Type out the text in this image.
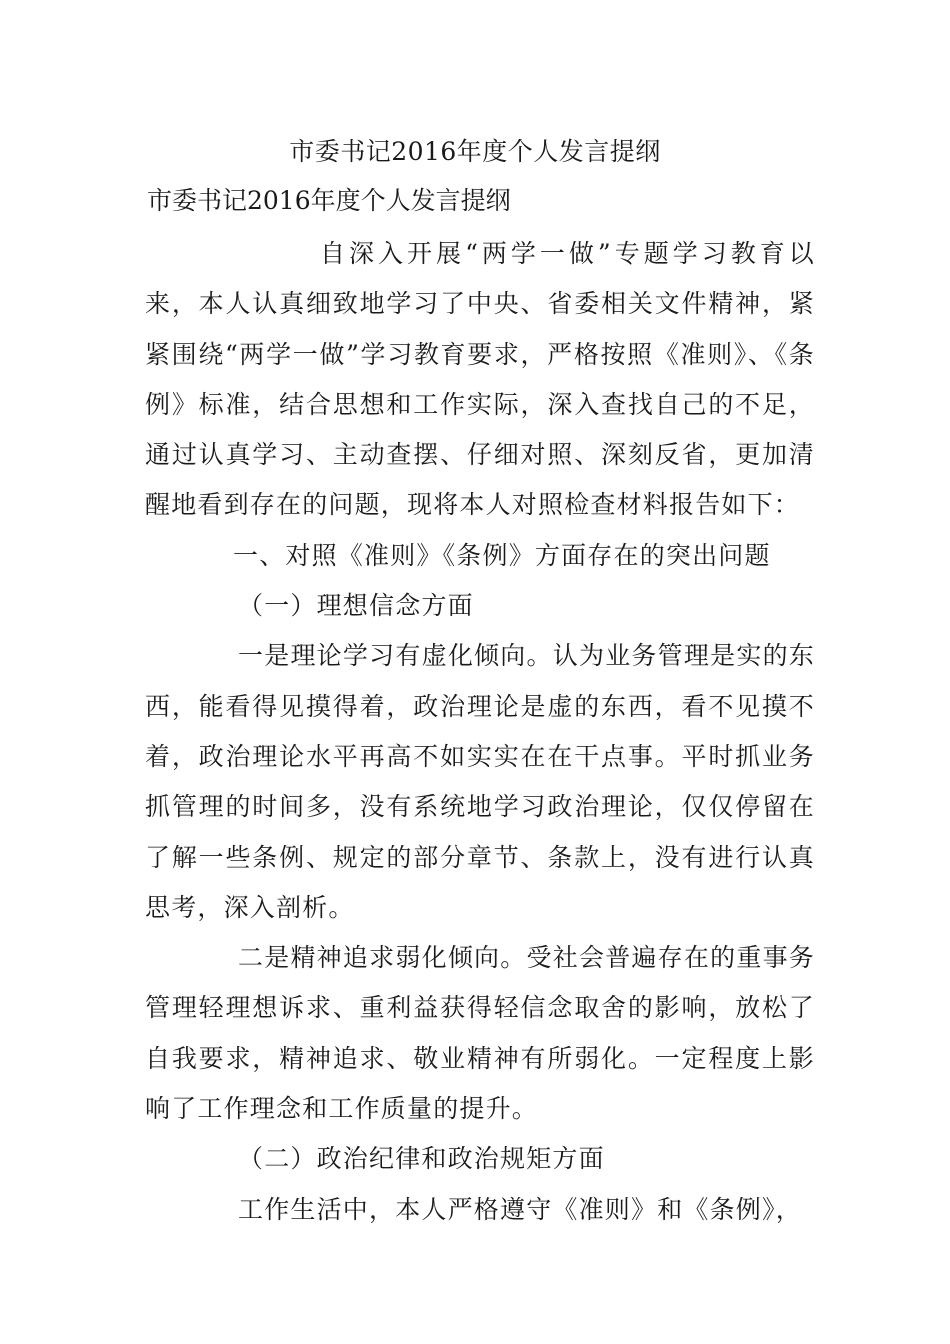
市委书记2016年度个人发言提纲
市委书记2016年度个人发言提纲

自深入开展“两学一做”专题学习教育以来，本人认真细致地学习了中央、省委相关文件精神，紧紧围绕“两学一做”学习教育要求，严格按照《准则》、《条例》标准，结合思想和工作实际，深入查找自己的不足，通过认真学习、主动查摆、仔细对照、深刻反省，更加清醒地看到存在的问题，现将本人对照检查材料报告如下：

一、对照《准则》《条例》方面存在的突出问题

（一）理想信念方面

一是理论学习有虚化倾向。认为业务管理是实的东西，能看得见摸得着，政治理论是虚的东西，看不见摸不着，政治理论水平再高不如实实在在干点事。平时抓业务抓管理的时间多，没有系统地学习政治理论，仅仅停留在了解一些条例、规定的部分章节、条款上，没有进行认真思考，深入剖析。

二是精神追求弱化倾向。受社会普遍存在的重事务管理轻理想诉求、重利益获得轻信念取舍的影响，放松了自我要求，精神追求、敬业精神有所弱化。一定程度上影响了工作理念和工作质量的提升。

（二）政治纪律和政治规矩方面

工作生活中，本人严格遵守《准则》和《条例》，
